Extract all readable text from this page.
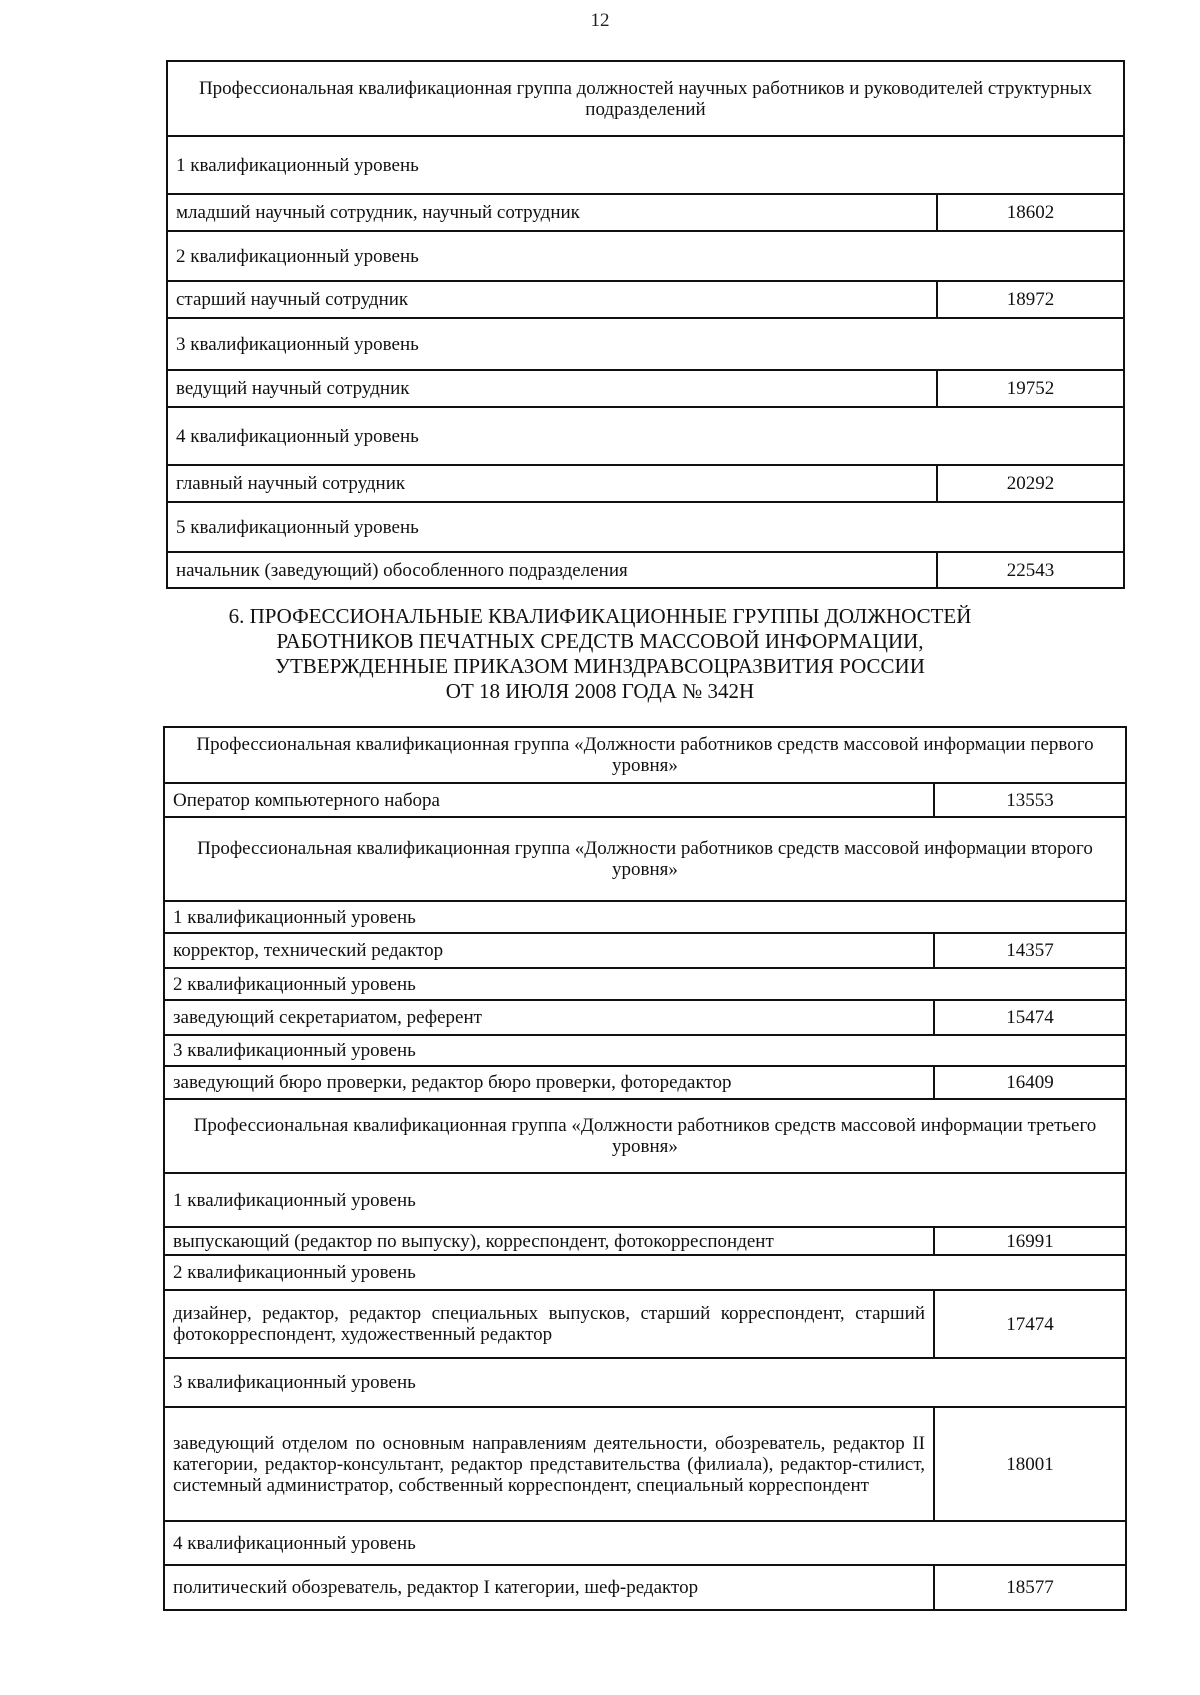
12
Профессиональная квалификационная группа должностей научных работников и руководителей структурных подразделений	
1 квалификационный уровень	
младший научный сотрудник, научный сотрудник	18602
2 квалификационный уровень	
старший научный сотрудник	18972
3 квалификационный уровень	
ведущий научный сотрудник	19752
4 квалификационный уровень	
главный научный сотрудник	20292
5 квалификационный уровень	
начальник (заведующий) обособленного подразделения	22543
6. ПРОФЕССИОНАЛЬНЫЕ КВАЛИФИКАЦИОННЫЕ ГРУППЫ ДОЛЖНОСТЕЙ
РАБОТНИКОВ ПЕЧАТНЫХ СРЕДСТВ МАССОВОЙ ИНФОРМАЦИИ,
УТВЕРЖДЕННЫЕ ПРИКАЗОМ МИНЗДРАВСОЦРАЗВИТИЯ РОССИИ
ОТ 18 ИЮЛЯ 2008 ГОДА № 342Н
Профессиональная квалификационная группа «Должности работников средств массовой информации первого уровня»	
Оператор компьютерного набора	13553
Профессиональная квалификационная группа «Должности работников средств массовой информации второго уровня»	
1 квалификационный уровень	
корректор, технический редактор	14357
2 квалификационный уровень	
заведующий секретариатом, референт	15474
3 квалификационный уровень	
заведующий бюро проверки, редактор бюро проверки, фоторедактор	16409
Профессиональная квалификационная группа «Должности работников средств массовой информации третьего уровня»	
1 квалификационный уровень	
выпускающий (редактор по выпуску), корреспондент, фотокорреспондент	16991
2 квалификационный уровень	
дизайнер, редактор, редактор специальных выпусков, старший корреспондент, старший фотокорреспондент, художественный редактор	17474
3 квалификационный уровень	
заведующий отделом по основным направлениям деятельности, обозреватель, редактор II категории, редактор-консультант, редактор представительства (филиала), редактор-стилист, системный администратор, собственный корреспондент, специальный корреспондент	18001
4 квалификационный уровень	
политический обозреватель, редактор I категории, шеф-редактор	18577
